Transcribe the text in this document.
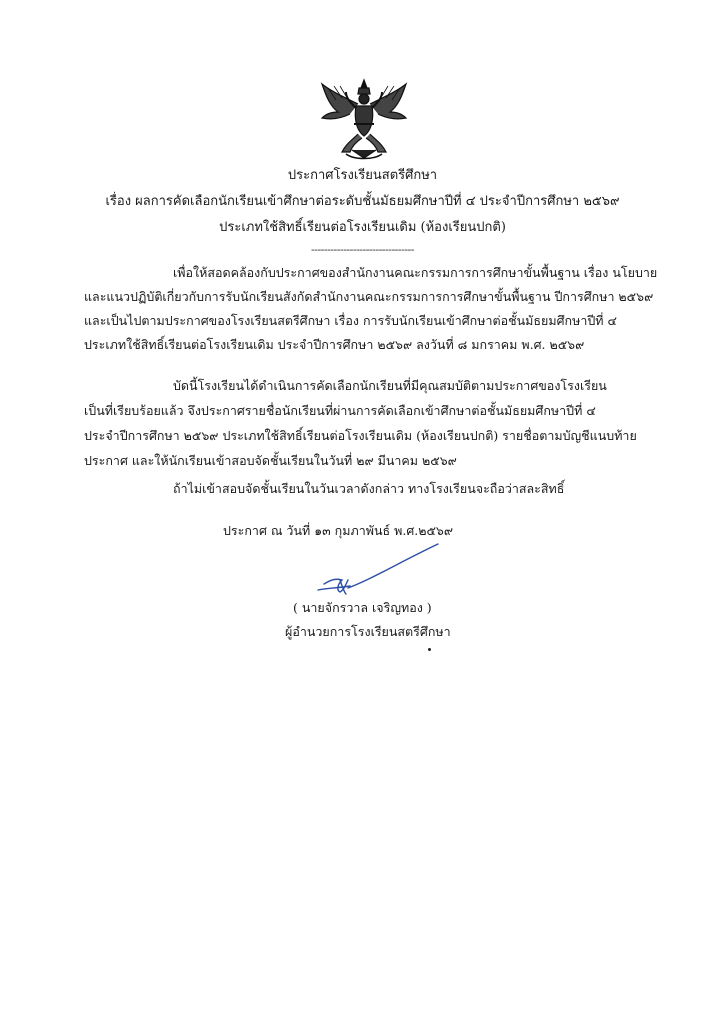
ประกาศโรงเรียนสตรีศึกษา
เรื่อง ผลการคัดเลือกนักเรียนเข้าศึกษาต่อระดับชั้นมัธยมศึกษาปีที่ ๔ ประจำปีการศึกษา ๒๕๖๙
ประเภทใช้สิทธิ์เรียนต่อโรงเรียนเดิม (ห้องเรียนปกติ)
--------------------------------
เพื่อให้สอดคล้องกับประกาศของสำนักงานคณะกรรมการการศึกษาขั้นพื้นฐาน เรื่อง นโยบาย
และแนวปฏิบัติเกี่ยวกับการรับนักเรียนสังกัดสำนักงานคณะกรรมการการศึกษาขั้นพื้นฐาน ปีการศึกษา ๒๕๖๙
และเป็นไปตามประกาศของโรงเรียนสตรีศึกษา เรื่อง การรับนักเรียนเข้าศึกษาต่อชั้นมัธยมศึกษาปีที่ ๔
ประเภทใช้สิทธิ์เรียนต่อโรงเรียนเดิม ประจำปีการศึกษา ๒๕๖๙ ลงวันที่ ๘ มกราคม พ.ศ. ๒๕๖๙
บัดนี้โรงเรียนได้ดำเนินการคัดเลือกนักเรียนที่มีคุณสมบัติตามประกาศของโรงเรียน
เป็นที่เรียบร้อยแล้ว จึงประกาศรายชื่อนักเรียนที่ผ่านการคัดเลือกเข้าศึกษาต่อชั้นมัธยมศึกษาปีที่ ๔
ประจำปีการศึกษา ๒๕๖๙ ประเภทใช้สิทธิ์เรียนต่อโรงเรียนเดิม (ห้องเรียนปกติ) รายชื่อตามบัญชีแนบท้าย
ประกาศ และให้นักเรียนเข้าสอบจัดชั้นเรียนในวันที่ ๒๙ มีนาคม ๒๕๖๙
ถ้าไม่เข้าสอบจัดชั้นเรียนในวันเวลาดังกล่าว ทางโรงเรียนจะถือว่าสละสิทธิ์
ประกาศ ณ วันที่ ๑๓ กุมภาพันธ์ พ.ศ.๒๕๖๙
( นายจักรวาล เจริญทอง )
ผู้อำนวยการโรงเรียนสตรีศึกษา
